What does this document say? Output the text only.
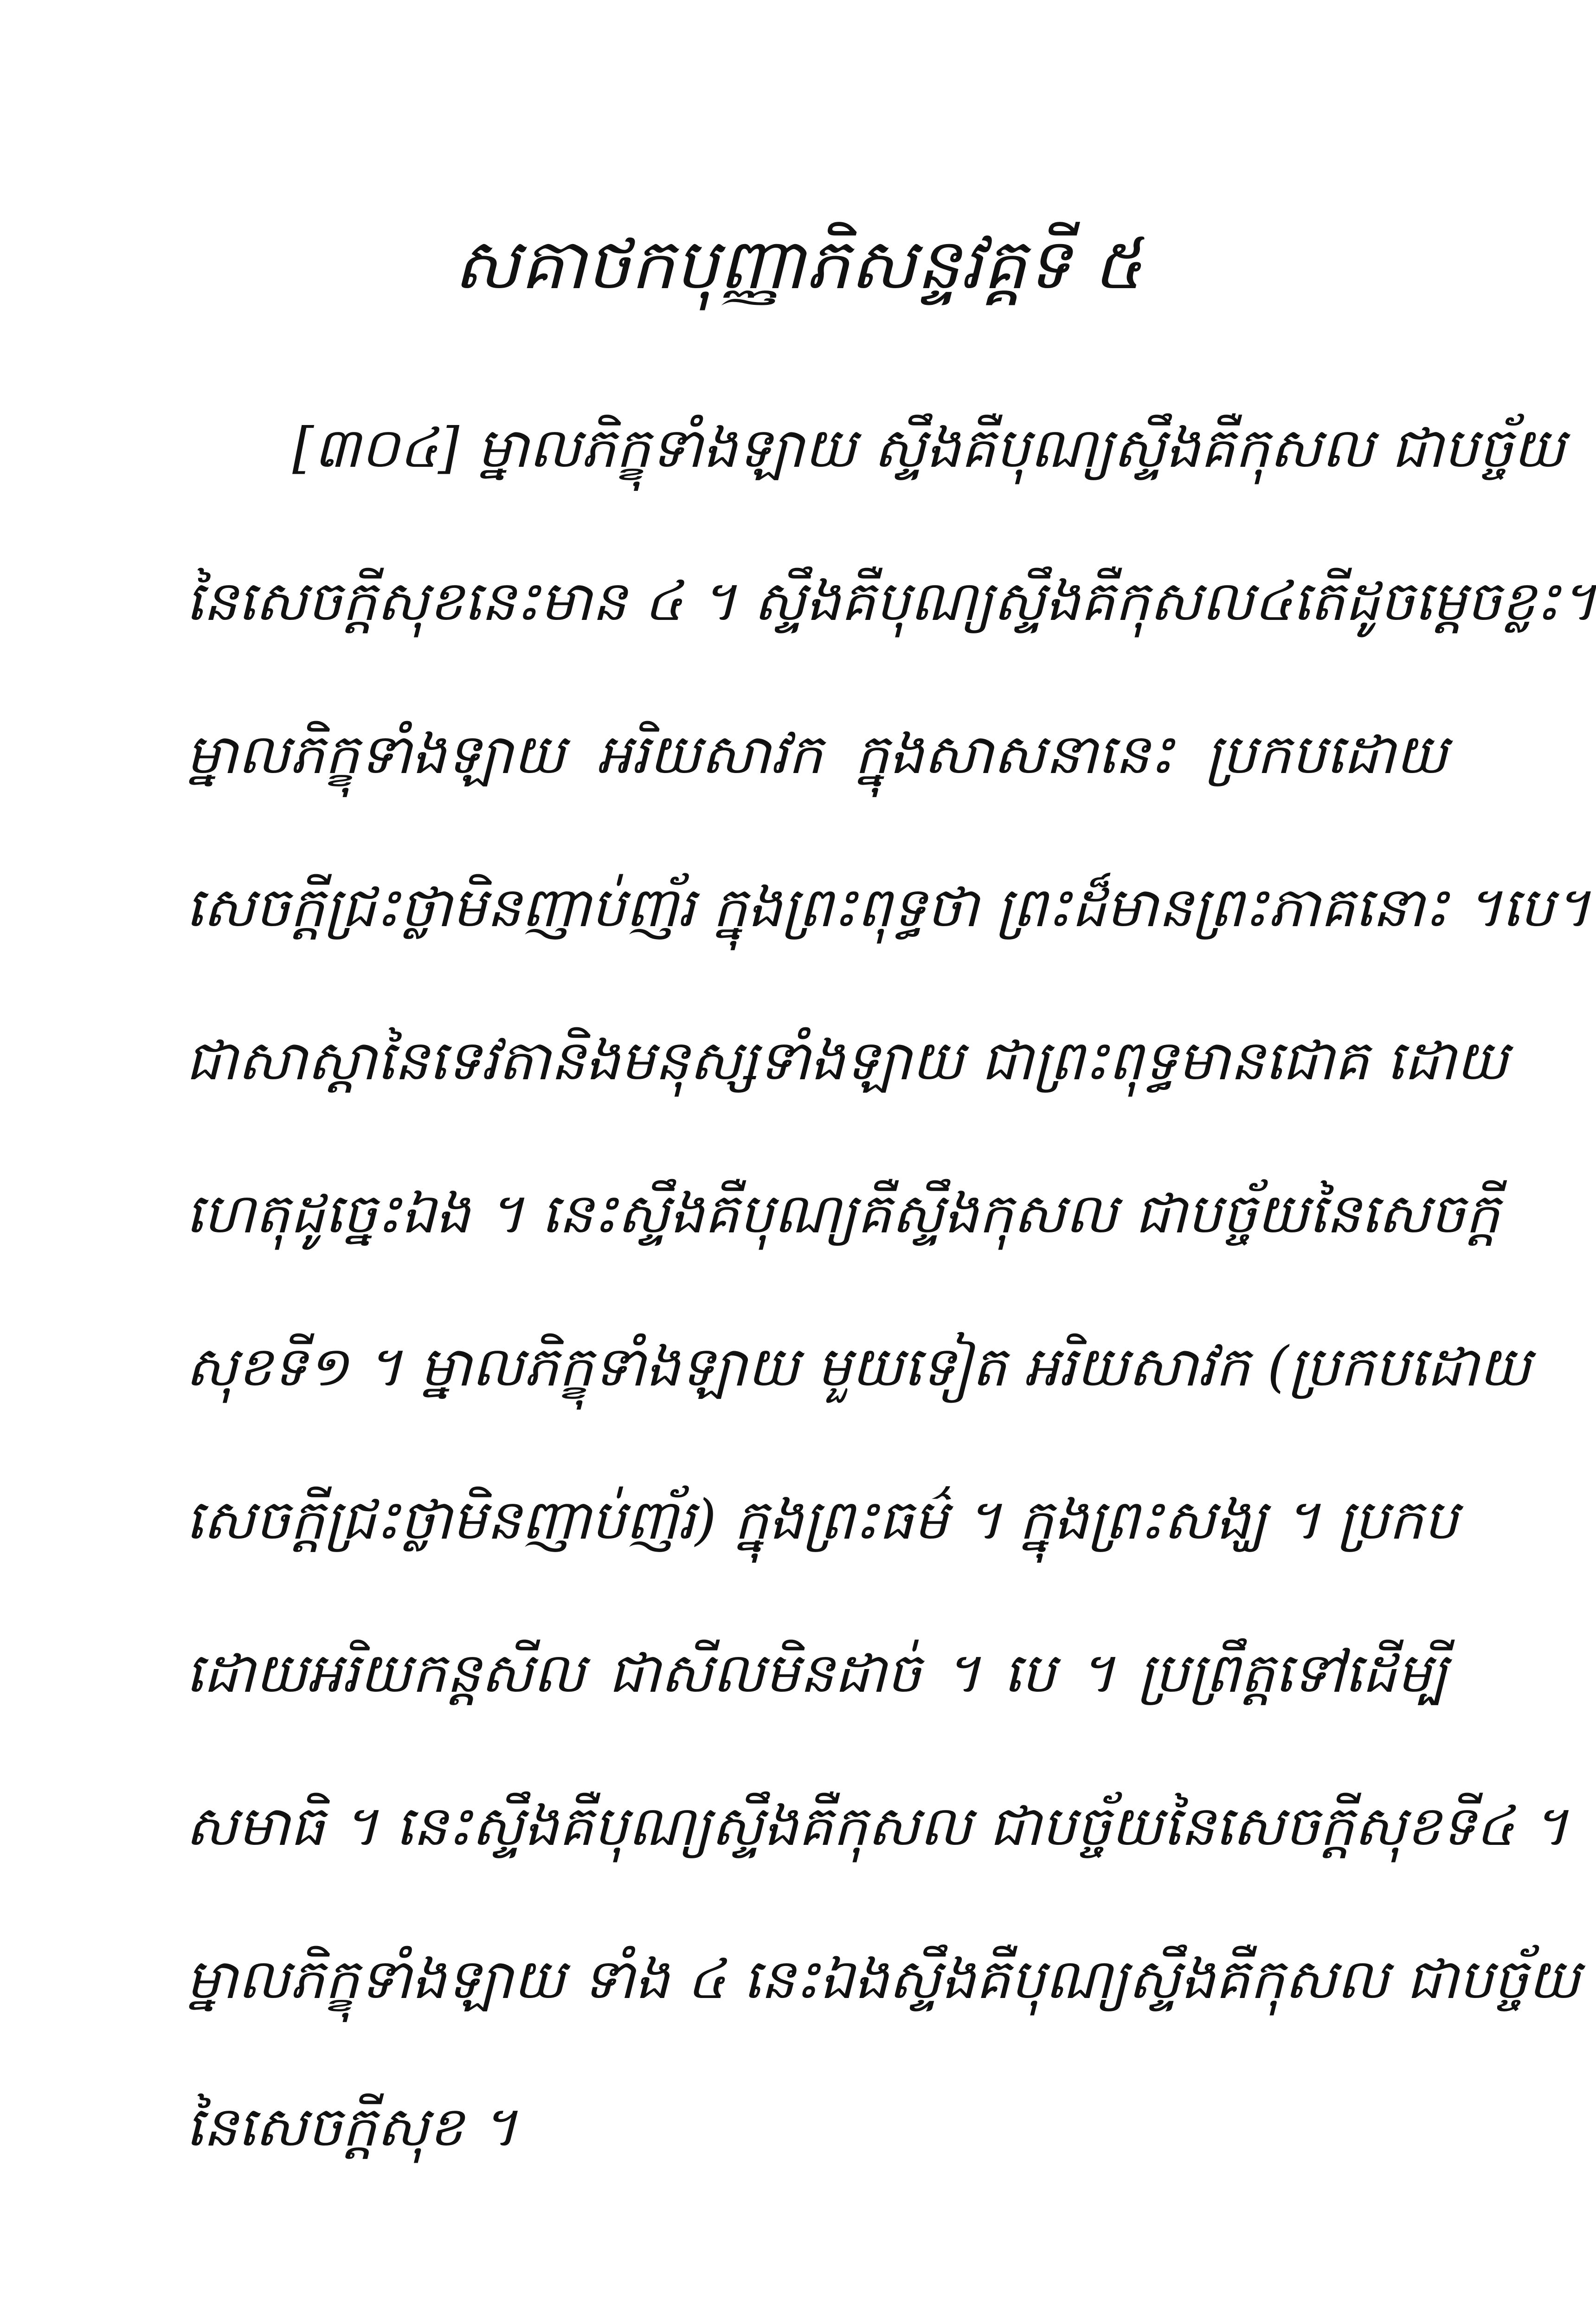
សគាថកបុញ្ញាភិសន្ទវគ្គទី ៥
[៣០៤] ម្នាលភិក្ខុទាំងឡាយ ស្ទឹងគឺបុណ្យស្ទឹងគឺកុសល ជាបច្ច័យ
នៃសេចក្ដីសុខនេះមាន ៤ ។ ស្ទឹងគឺបុណ្យស្ទឹងគឺកុសល៤តើដូចម្ដេចខ្លះ។
ម្នាលភិក្ខុទាំងឡាយ អរិយសាវក ក្នុងសាសនានេះ ប្រកបដោយ
សេចក្ដីជ្រះថ្លាមិនញាប់ញ័រ ក្នុងព្រះពុទ្ធថា ព្រះដ៏មានព្រះភាគនោះ ។បេ។
ជាសាស្ដានៃទេវតានិងមនុស្សទាំងឡាយ ជាព្រះពុទ្ធមានជោគ ដោយ
ហេតុដូច្នេះឯង ។ នេះស្ទឹងគឺបុណ្យគឺស្ទឹងកុសល ជាបច្ច័យនៃសេចក្ដី
សុខទី១ ។ ម្នាលភិក្ខុទាំងឡាយ មួយទៀត អរិយសាវក (ប្រកបដោយ
សេចក្ដីជ្រះថ្លាមិនញាប់ញ័រ) ក្នុងព្រះធម៌ ។ ក្នុងព្រះសង្ឃ ។ ប្រកប
ដោយអរិយកន្តសីល ជាសីលមិនដាច់ ។ បេ ។ ប្រព្រឹត្តទៅដើម្បី
សមាធិ ។ នេះស្ទឹងគឺបុណ្យស្ទឹងគឺកុសល ជាបច្ច័យនៃសេចក្ដីសុខទី៤ ។
ម្នាលភិក្ខុទាំងឡាយ ទាំង ៤ នេះឯងស្ទឹងគឺបុណ្យស្ទឹងគឺកុសល ជាបច្ច័យ
នៃសេចក្ដីសុខ ។
